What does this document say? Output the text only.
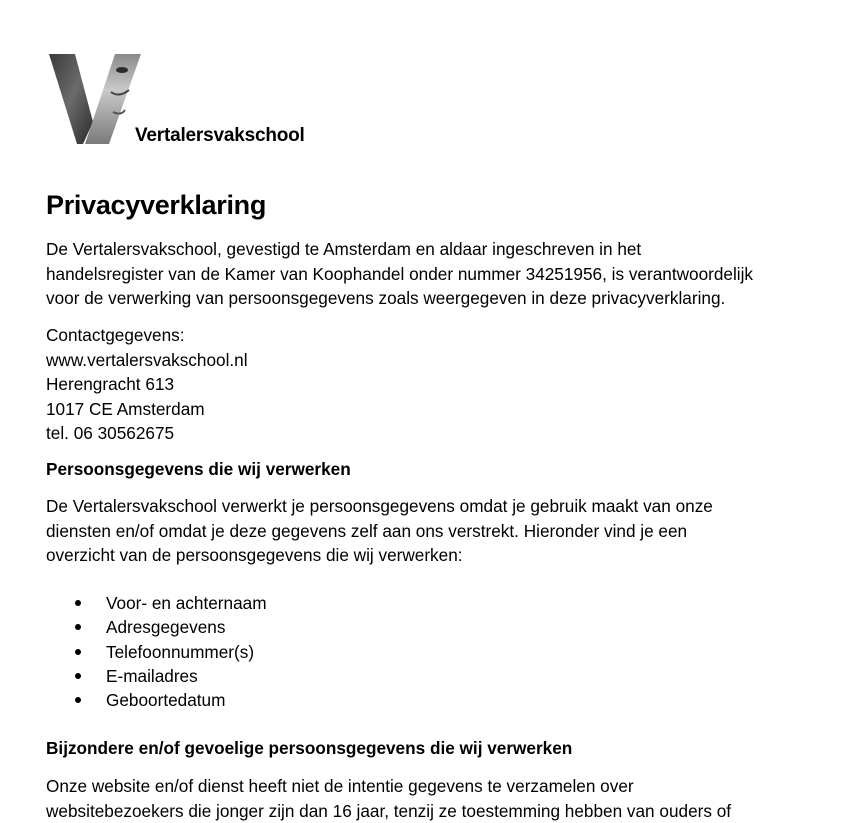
Vertalersvakschool
Privacyverklaring
De Vertalersvakschool, gevestigd te Amsterdam en aldaar ingeschreven in het
handelsregister van de Kamer van Koophandel onder nummer 34251956, is verantwoordelijk
voor de verwerking van persoonsgegevens zoals weergegeven in deze privacyverklaring.
Contactgegevens:
www.vertalersvakschool.nl
Herengracht 613
1017 CE Amsterdam
tel. 06 30562675
Persoonsgegevens die wij verwerken
De Vertalersvakschool verwerkt je persoonsgegevens omdat je gebruik maakt van onze
diensten en/of omdat je deze gegevens zelf aan ons verstrekt. Hieronder vind je een
overzicht van de persoonsgegevens die wij verwerken:
Voor- en achternaam
Adresgegevens
Telefoonnummer(s)
E-mailadres
Geboortedatum
Bijzondere en/of gevoelige persoonsgegevens die wij verwerken
Onze website en/of dienst heeft niet de intentie gegevens te verzamelen over
websitebezoekers die jonger zijn dan 16 jaar, tenzij ze toestemming hebben van ouders of
